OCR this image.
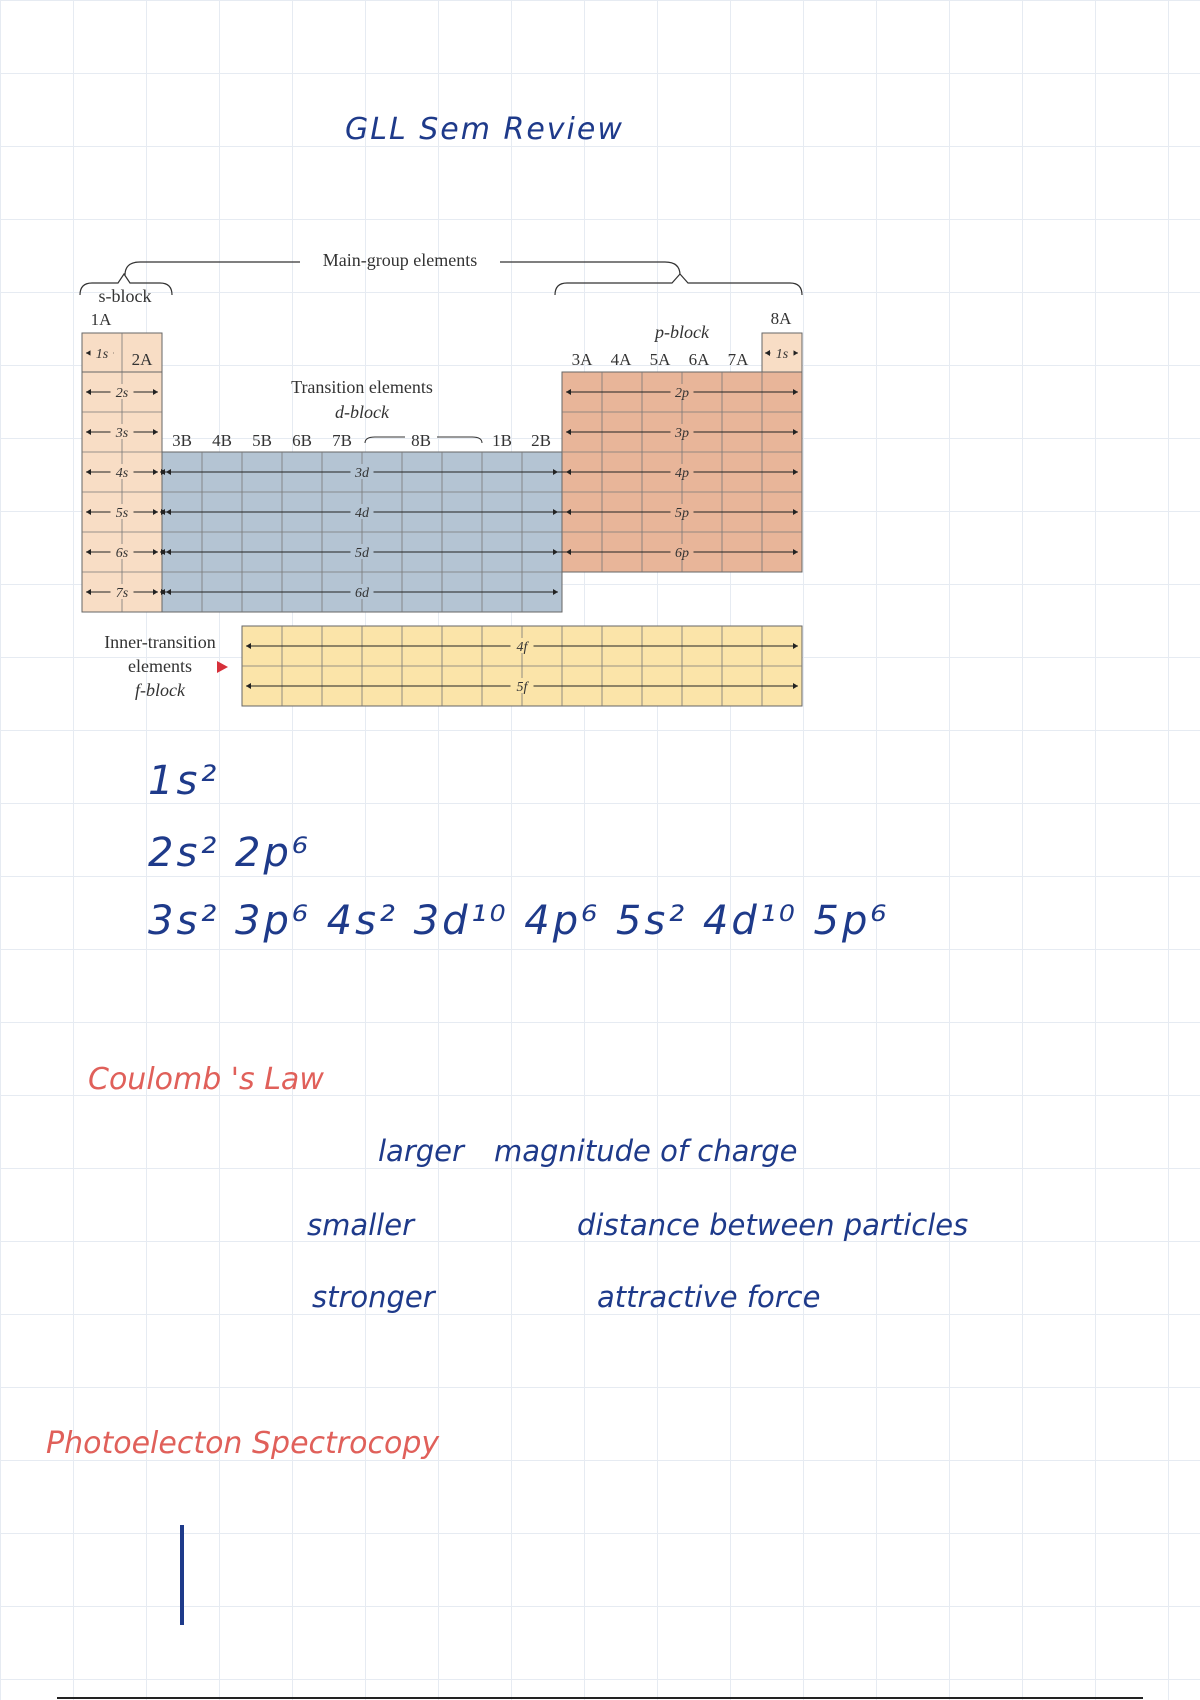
GLL Sem Review
1s	1s
2s
3s
4s
5s
6s
7s
3d
4d
5d
6d
2p
3p
4p
5p
6p
4f
5f
Main-group elements
s-block
1A
2A
8A
p-block
3A 4A 5A 6A 7A
3B 4B 5B 6B 7B	8B	1B 2B
Transition elements
d-block
Inner-transition
elements
f-block
1s²
2s² 2p⁶
3s² 3p⁶ 4s² 3d¹⁰ 4p⁶ 5s² 4d¹⁰ 5p⁶
Coulomb 's Law
larger magnitude of charge
smaller	distance between particles
stronger	attractive force
Photoelecton Spectrocopy
